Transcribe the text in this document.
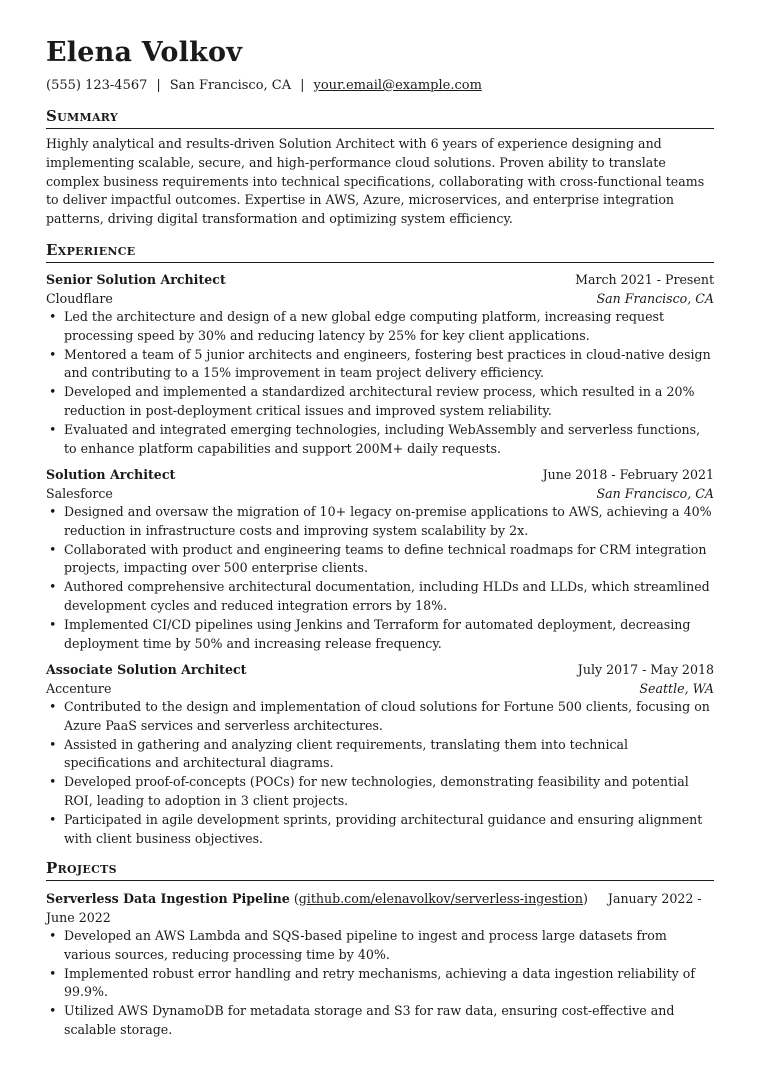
Elena Volkov
(555) 123-4567 | San Francisco, CA | your.email@example.com
Summary
Highly analytical and results-driven Solution Architect with 6 years of experience designing and implementing scalable, secure, and high-performance cloud solutions. Proven ability to translate complex business requirements into technical specifications, collaborating with cross-functional teams to deliver impactful outcomes. Expertise in AWS, Azure, microservices, and enterprise integration patterns, driving digital transformation and optimizing system efficiency.
Experience
Senior Solution Architect	March 2021 - Present
Cloudflare	San Francisco, CA
• Led the architecture and design of a new global edge computing platform, increasing request processing speed by 30% and reducing latency by 25% for key client applications.
• Mentored a team of 5 junior architects and engineers, fostering best practices in cloud-native design and contributing to a 15% improvement in team project delivery efficiency.
• Developed and implemented a standardized architectural review process, which resulted in a 20% reduction in post-deployment critical issues and improved system reliability.
• Evaluated and integrated emerging technologies, including WebAssembly and serverless functions, to enhance platform capabilities and support 200M+ daily requests.
Solution Architect	June 2018 - February 2021
Salesforce	San Francisco, CA
• Designed and oversaw the migration of 10+ legacy on-premise applications to AWS, achieving a 40% reduction in infrastructure costs and improving system scalability by 2x.
• Collaborated with product and engineering teams to define technical roadmaps for CRM integration projects, impacting over 500 enterprise clients.
• Authored comprehensive architectural documentation, including HLDs and LLDs, which streamlined development cycles and reduced integration errors by 18%.
• Implemented CI/CD pipelines using Jenkins and Terraform for automated deployment, decreasing deployment time by 50% and increasing release frequency.
Associate Solution Architect	July 2017 - May 2018
Accenture	Seattle, WA
• Contributed to the design and implementation of cloud solutions for Fortune 500 clients, focusing on Azure PaaS services and serverless architectures.
• Assisted in gathering and analyzing client requirements, translating them into technical specifications and architectural diagrams.
• Developed proof-of-concepts (POCs) for new technologies, demonstrating feasibility and potential ROI, leading to adoption in 3 client projects.
• Participated in agile development sprints, providing architectural guidance and ensuring alignment with client business objectives.
Projects
Serverless Data Ingestion Pipeline (github.com/elenavolkov/serverless-ingestion)     January 2022 - June 2022
• Developed an AWS Lambda and SQS-based pipeline to ingest and process large datasets from various sources, reducing processing time by 40%.
• Implemented robust error handling and retry mechanisms, achieving a data ingestion reliability of 99.9%.
• Utilized AWS DynamoDB for metadata storage and S3 for raw data, ensuring cost-effective and scalable storage.
